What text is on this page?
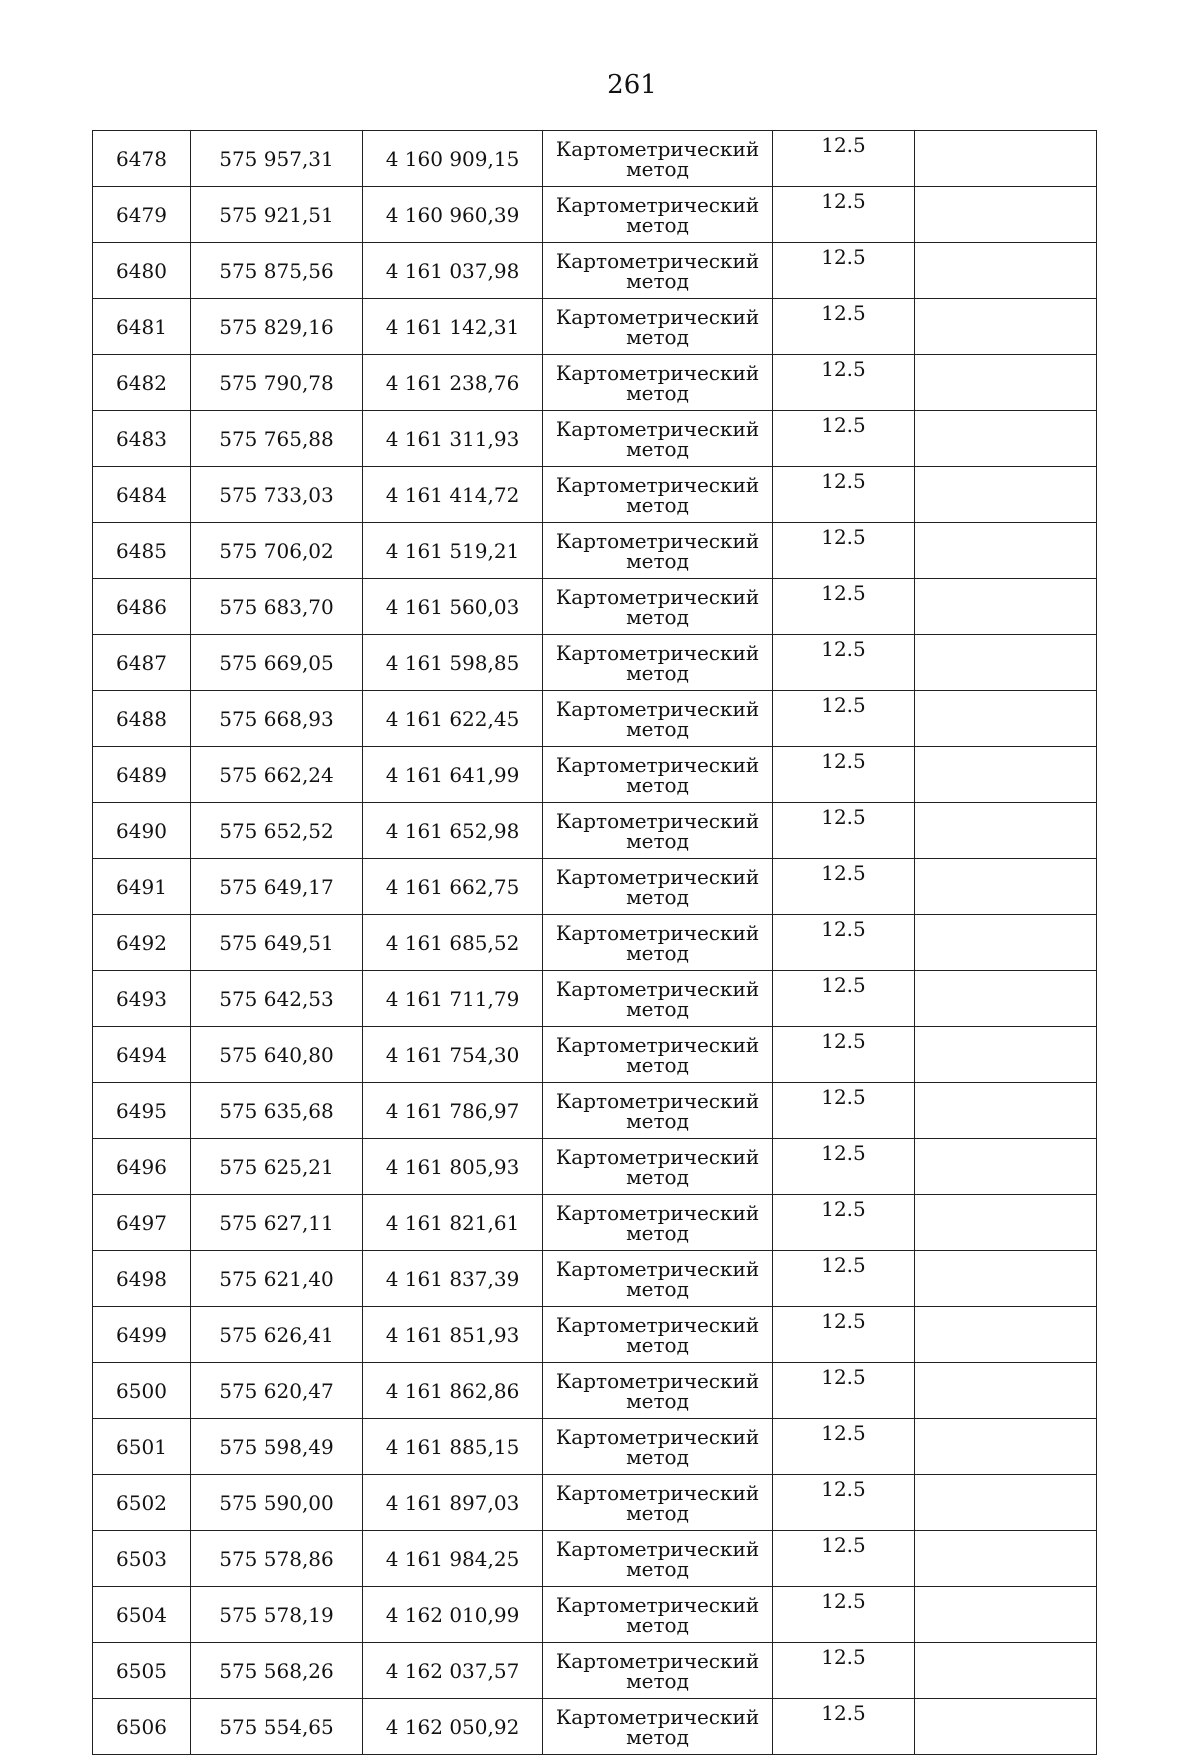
261
6478	575 957,31	4 160 909,15	Картометрический
метод	12.5	
6479	575 921,51	4 160 960,39	Картометрический
метод	12.5	
6480	575 875,56	4 161 037,98	Картометрический
метод	12.5	
6481	575 829,16	4 161 142,31	Картометрический
метод	12.5	
6482	575 790,78	4 161 238,76	Картометрический
метод	12.5	
6483	575 765,88	4 161 311,93	Картометрический
метод	12.5	
6484	575 733,03	4 161 414,72	Картометрический
метод	12.5	
6485	575 706,02	4 161 519,21	Картометрический
метод	12.5	
6486	575 683,70	4 161 560,03	Картометрический
метод	12.5	
6487	575 669,05	4 161 598,85	Картометрический
метод	12.5	
6488	575 668,93	4 161 622,45	Картометрический
метод	12.5	
6489	575 662,24	4 161 641,99	Картометрический
метод	12.5	
6490	575 652,52	4 161 652,98	Картометрический
метод	12.5	
6491	575 649,17	4 161 662,75	Картометрический
метод	12.5	
6492	575 649,51	4 161 685,52	Картометрический
метод	12.5	
6493	575 642,53	4 161 711,79	Картометрический
метод	12.5	
6494	575 640,80	4 161 754,30	Картометрический
метод	12.5	
6495	575 635,68	4 161 786,97	Картометрический
метод	12.5	
6496	575 625,21	4 161 805,93	Картометрический
метод	12.5	
6497	575 627,11	4 161 821,61	Картометрический
метод	12.5	
6498	575 621,40	4 161 837,39	Картометрический
метод	12.5	
6499	575 626,41	4 161 851,93	Картометрический
метод	12.5	
6500	575 620,47	4 161 862,86	Картометрический
метод	12.5	
6501	575 598,49	4 161 885,15	Картометрический
метод	12.5	
6502	575 590,00	4 161 897,03	Картометрический
метод	12.5	
6503	575 578,86	4 161 984,25	Картометрический
метод	12.5	
6504	575 578,19	4 162 010,99	Картометрический
метод	12.5	
6505	575 568,26	4 162 037,57	Картометрический
метод	12.5	
6506	575 554,65	4 162 050,92	Картометрический
метод	12.5	
